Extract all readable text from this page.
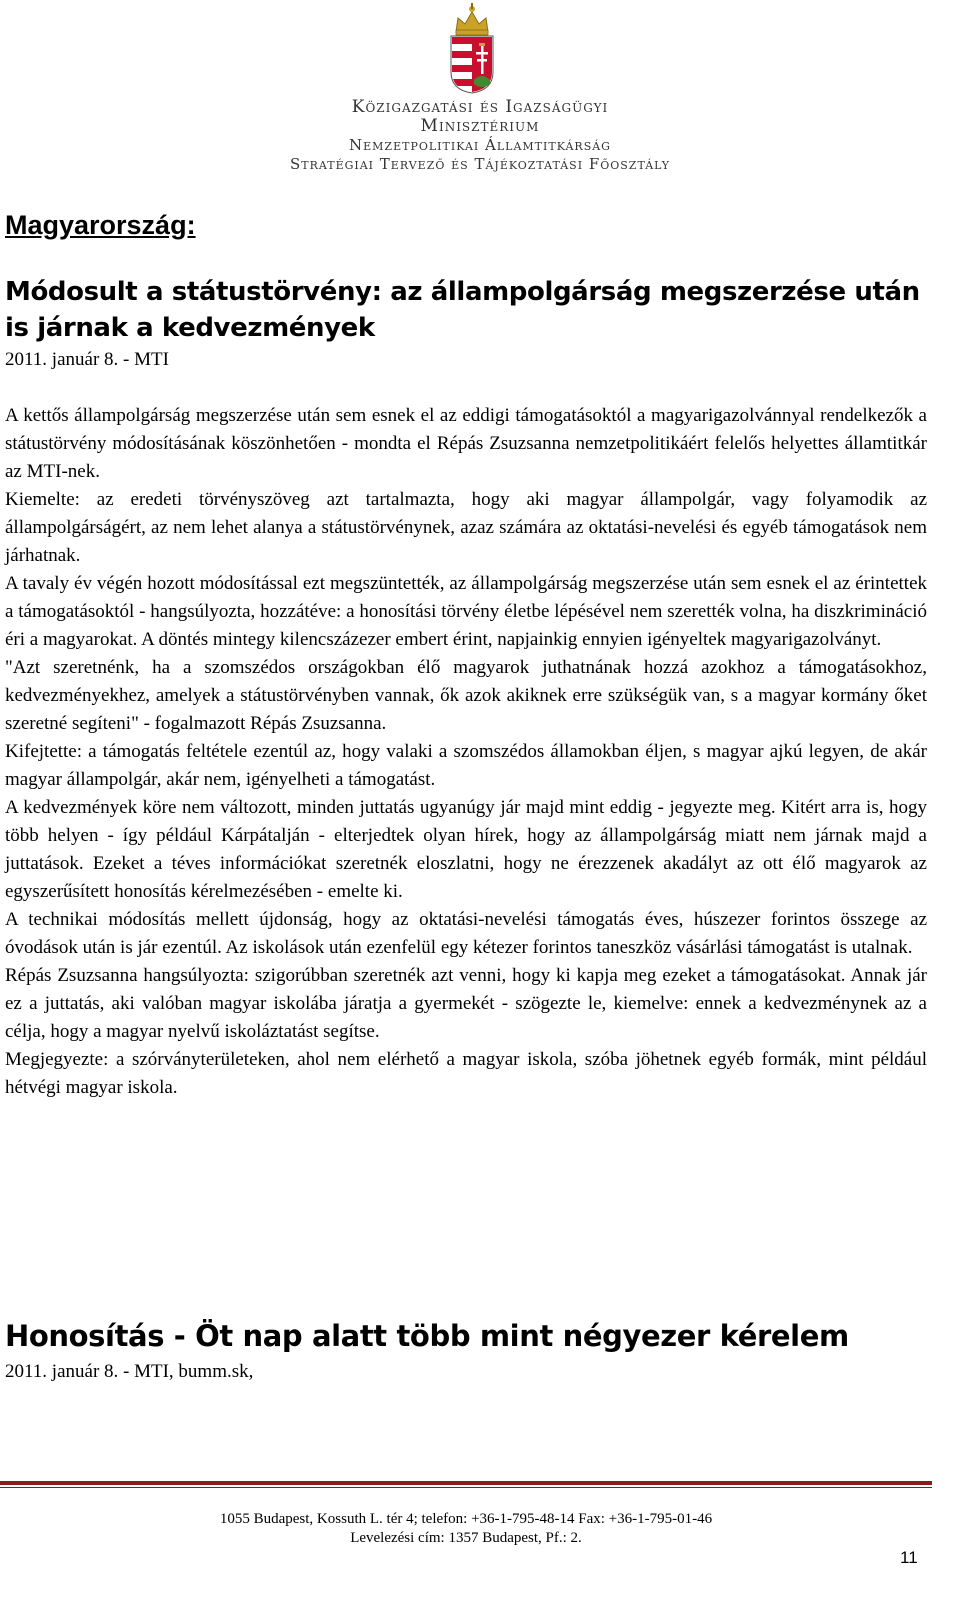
Közigazgatási és Igazságügyi
Minisztérium
Nemzetpolitikai Államtitkárság
Stratégiai Tervező és Tájékoztatási Főosztály

Magyarország:

Módosult a státustörvény: az állampolgárság megszerzése után is járnak a kedvezmények

2011. január 8. - MTI

A kettős állampolgárság megszerzése után sem esnek el az eddigi támogatásoktól a magyarigazolvánnyal rendelkezők a státustörvény módosításának köszönhetően - mondta el Répás Zsuzsanna nemzetpolitikáért felelős helyettes államtitkár az MTI-nek.

Kiemelte: az eredeti törvényszöveg azt tartalmazta, hogy aki magyar állampolgár, vagy folyamodik az állampolgárságért, az nem lehet alanya a státustörvénynek, azaz számára az oktatási-nevelési és egyéb támogatások nem járhatnak.

A tavaly év végén hozott módosítással ezt megszüntették, az állampolgárság megszerzése után sem esnek el az érintettek a támogatásoktól - hangsúlyozta, hozzátéve: a honosítási törvény életbe lépésével nem szerették volna, ha diszkrimináció éri a magyarokat. A döntés mintegy kilencszázezer embert érint, napjainkig ennyien igényeltek magyarigazolványt.

"Azt szeretnénk, ha a szomszédos országokban élő magyarok juthatnának hozzá azokhoz a támogatásokhoz, kedvezményekhez, amelyek a státustörvényben vannak, ők azok akiknek erre szükségük van, s a magyar kormány őket szeretné segíteni" - fogalmazott Répás Zsuzsanna.

Kifejtette: a támogatás feltétele ezentúl az, hogy valaki a szomszédos államokban éljen, s magyar ajkú legyen, de akár magyar állampolgár, akár nem, igényelheti a támogatást.

A kedvezmények köre nem változott, minden juttatás ugyanúgy jár majd mint eddig - jegyezte meg. Kitért arra is, hogy több helyen - így például Kárpátalján - elterjedtek olyan hírek, hogy az állampolgárság miatt nem járnak majd a juttatások. Ezeket a téves információkat szeretnék eloszlatni, hogy ne érezzenek akadályt az ott élő magyarok az egyszerűsített honosítás kérelmezésében - emelte ki.

A technikai módosítás mellett újdonság, hogy az oktatási-nevelési támogatás éves, húszezer forintos összege az óvodások után is jár ezentúl. Az iskolások után ezenfelül egy kétezer forintos taneszköz vásárlási támogatást is utalnak.

Répás Zsuzsanna hangsúlyozta: szigorúbban szeretnék azt venni, hogy ki kapja meg ezeket a támogatásokat. Annak jár ez a juttatás, aki valóban magyar iskolába járatja a gyermekét - szögezte le, kiemelve: ennek a kedvezménynek az a célja, hogy a magyar nyelvű iskoláztatást segítse.

Megjegyezte: a szórványterületeken, ahol nem elérhető a magyar iskola, szóba jöhetnek egyéb formák, mint például hétvégi magyar iskola.

Honosítás - Öt nap alatt több mint négyezer kérelem

2011. január 8. - MTI, bumm.sk,

1055 Budapest, Kossuth L. tér 4; telefon: +36-1-795-48-14 Fax: +36-1-795-01-46
Levelezési cím: 1357 Budapest, Pf.: 2.
11
